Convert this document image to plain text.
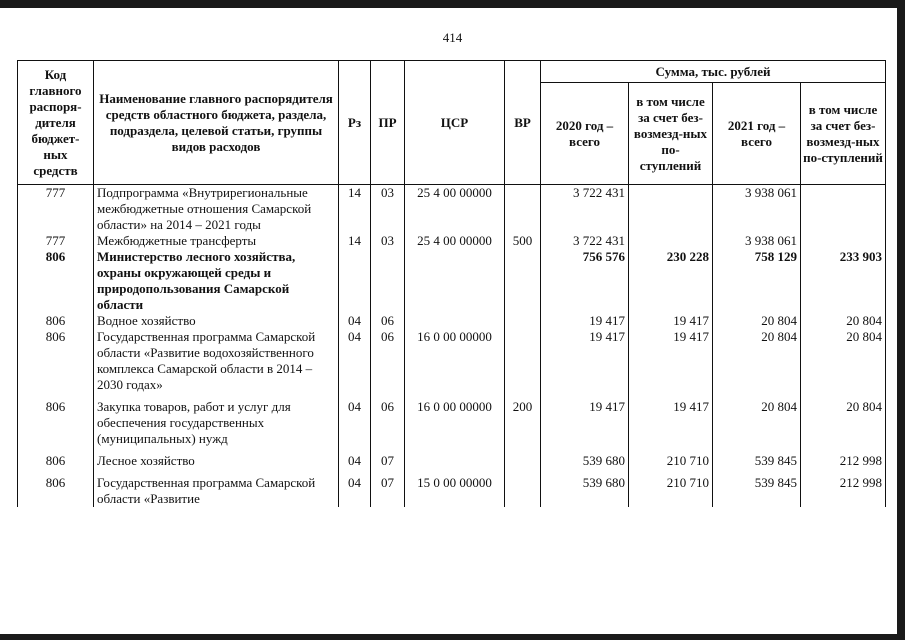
414
Код главного распоря-дителя бюджет-ных средств	Наименование главного распорядителя средств областного бюджета, раздела, подраздела, целевой статьи, группы видов расходов	Рз	ПР	ЦСР	ВР	Сумма, тыс. рублей			
						2020 год – всего	в том числе за счет без-возмезд-ных по-ступлений	2021 год – всего	в том числе за счет без-возмезд-ных по-ступлений
777	Подпрограмма «Внутрирегиональные межбюджетные отношения Самарской области» на 2014 – 2021 годы	14	03	25 4 00 00000		3 722 431		3 938 061	
777	Межбюджетные трансферты	14	03	25 4 00 00000	500	3 722 431		3 938 061	
806	Министерство лесного хозяйства, охраны окружающей среды и природопользования Самарской области					756 576	230 228	758 129	233 903
806	Водное хозяйство	04	06			19 417	19 417	20 804	20 804
806	Государственная программа Самарской области «Развитие водохозяйственного комплекса Самарской области в 2014 – 2030 годах»	04	06	16 0 00 00000		19 417	19 417	20 804	20 804
806	Закупка товаров, работ и услуг для обеспечения государственных (муниципальных) нужд	04	06	16 0 00 00000	200	19 417	19 417	20 804	20 804
806	Лесное хозяйство	04	07			539 680	210 710	539 845	212 998
806	Государственная программа Самарской области «Развитие	04	07	15 0 00 00000		539 680	210 710	539 845	212 998
